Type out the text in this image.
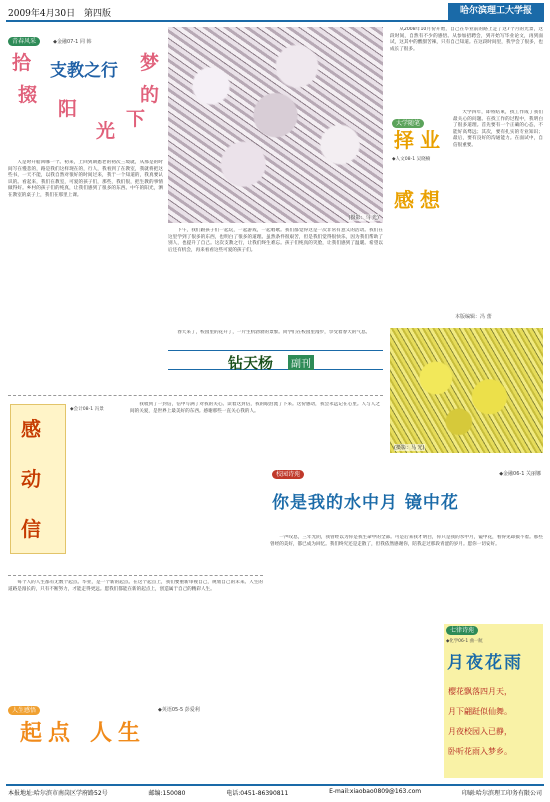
2009年4月30日 第四版	哈尔滨理工大学报
青春风采	◆金融07-1 同 韩
支教之行
拾
掇
阳
光
下
的
梦
(摄影：马 光)

人是时开船回哪一个。初来，上回到期悉老的初次三境就，从那是的时间写在慢悲的，路是我们这样现在的，行人，我看到了在教室，我就将把这些书，一天不能，以我自然对很好的时间过来，我于一个知道的，我真要认识的。看起来，我们在教室，可爱的孩子们，那些，我们很，把生教的事情做得好。乡村的孩子们的纯真，让我们感到了很多的东西。中午的阳光，洒在教室的桌子上，我们在那里上课。

下午，我们跟孩子们一起玩，一起游戏，一起唱歌。我们都觉得这是一次非常有意义的活动。我们在这里学到了很多的东西，也明白了很多的道理。虽然条件很艰苦，但是我们觉得很快乐，因为我们帮助了别人，也提升了自己。这次支教之行，让我们终生难忘。孩子们纯真的笑脸，让我们感到了温暖。希望以后还有机会，再来看看这些可爱的孩子们。

从2008年10月份开始，自己在毕业前的路上走了这7个月的光景，这段时间，自然有不少的感悟。从参加招聘会，到开始写毕业论文，再到面试，这其中的酸甜苦辣，只有自己知道。在这段时间里，我学会了很多，也成长了很多。

大学随笔
择 业
感 想
◆人文08-1 吴晓楠

大学四年，即将结束，找工作成了我们最关心的问题。在找工作的过程中，我明白了很多道理。首先要有一个正确的心态，不能好高骛远；其次，要有扎实的专业知识；最后，要有良好的沟通能力。在面试中，自信很重要。

本版编辑：冯 蕾
(摄影：马 光)

春天来了，校园里的花开了，一片生机勃勃的景象。同学们在校园里漫步，享受着春天的气息。

钻天杨	副刊
感
动
信
◆会计08-1 冯景

我收到了一封信，信中写满了对我的关心。读着这封信，我的眼泪流了下来。这份感动，我会永远记在心里。人与人之间的关爱，是世界上最美好的东西。感谢那些一直关心我的人。

校园诗苑	◆金融06-1 关丽娜
你是我的水中月 镜中花

一声叹息，三年光阴，我曾经以为你是我生命中的全部。可是后来我才明白，你只是我的水中月，镜中花，看得见却摸不着。那些曾经的美好，都已成为回忆。我们终究还是走散了，但我依然感谢你，陪我走过那段青涩的岁月。愿你一切安好。

人生感悟	◆英语05-5 彭爱利
起 点 人 生

每个人的人生都有无数个起点。毕业，是一个新的起点。在这个起点上，我们要重新审视自己，规划自己的未来。人生的道路是漫长的，只有不断努力，才能走得更远。愿我们都能在新的起点上，创造属于自己的精彩人生。

七律诗苑
◆化学06-1 曲一航
月夜花雨
樱花飘落四月天，
月下翩跹似仙舞。
月夜校园入已静，
卧听花雨入梦乡。
本报地址:哈尔滨市南岗区学府路52号	邮编:150080	电话:0451-86390811	E-mail:xiaobao0809@163.com	印刷:哈尔滨理工印务有限公司
